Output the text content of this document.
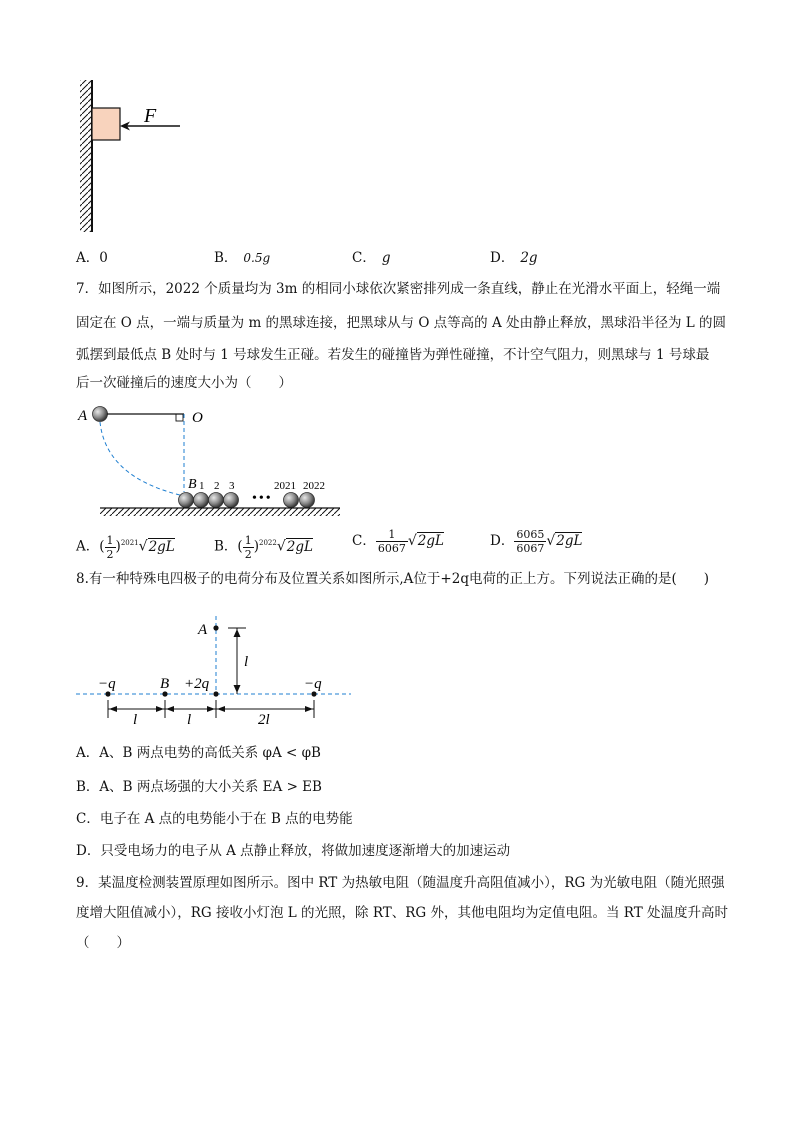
F
A．0	B． 0.5g	C． g	D． 2g
7．如图所示，2022 个质量均为 3m 的相同小球依次紧密排列成一条直线，静止在光滑水平面上，轻绳一端
固定在 O 点，一端与质量为 m 的黑球连接，把黑球从与 O 点等高的 A 处由静止释放，黑球沿半径为 L 的圆
弧摆到最低点 B 处时与 1 号球发生正碰。若发生的碰撞皆为弹性碰撞，不计空气阻力，则黑球与 1 号球最
后一次碰撞后的速度大小为（　　）
A	O
B 1 2 3	2021 2022
•••
A．( $\frac{1}{2} )^{2021}√2gL$	B．( $\frac{1}{2} )^{2022}√2gL$	C． $\frac{1}{6067} √2gL$	D． $\frac{6065}{6067} √2gL$
8.有一种特殊电四极子的电荷分布及位置关系如图所示,A位于+2q电荷的正上方。下列说法正确的是(　　)
A
l
−q	B +2q	−q
l	l	2l
A．A、B 两点电势的高低关系 φA < φB
B．A、B 两点场强的大小关系 EA > EB
C．电子在 A 点的电势能小于在 B 点的电势能
D．只受电场力的电子从 A 点静止释放，将做加速度逐渐增大的加速运动
9．某温度检测装置原理如图所示。图中 RT 为热敏电阻（随温度升高阻值减小），RG 为光敏电阻（随光照强
度增大阻值减小），RG 接收小灯泡 L 的光照，除 RT、RG 外，其他电阻均为定值电阻。当 RT 处温度升高时
（　　）
